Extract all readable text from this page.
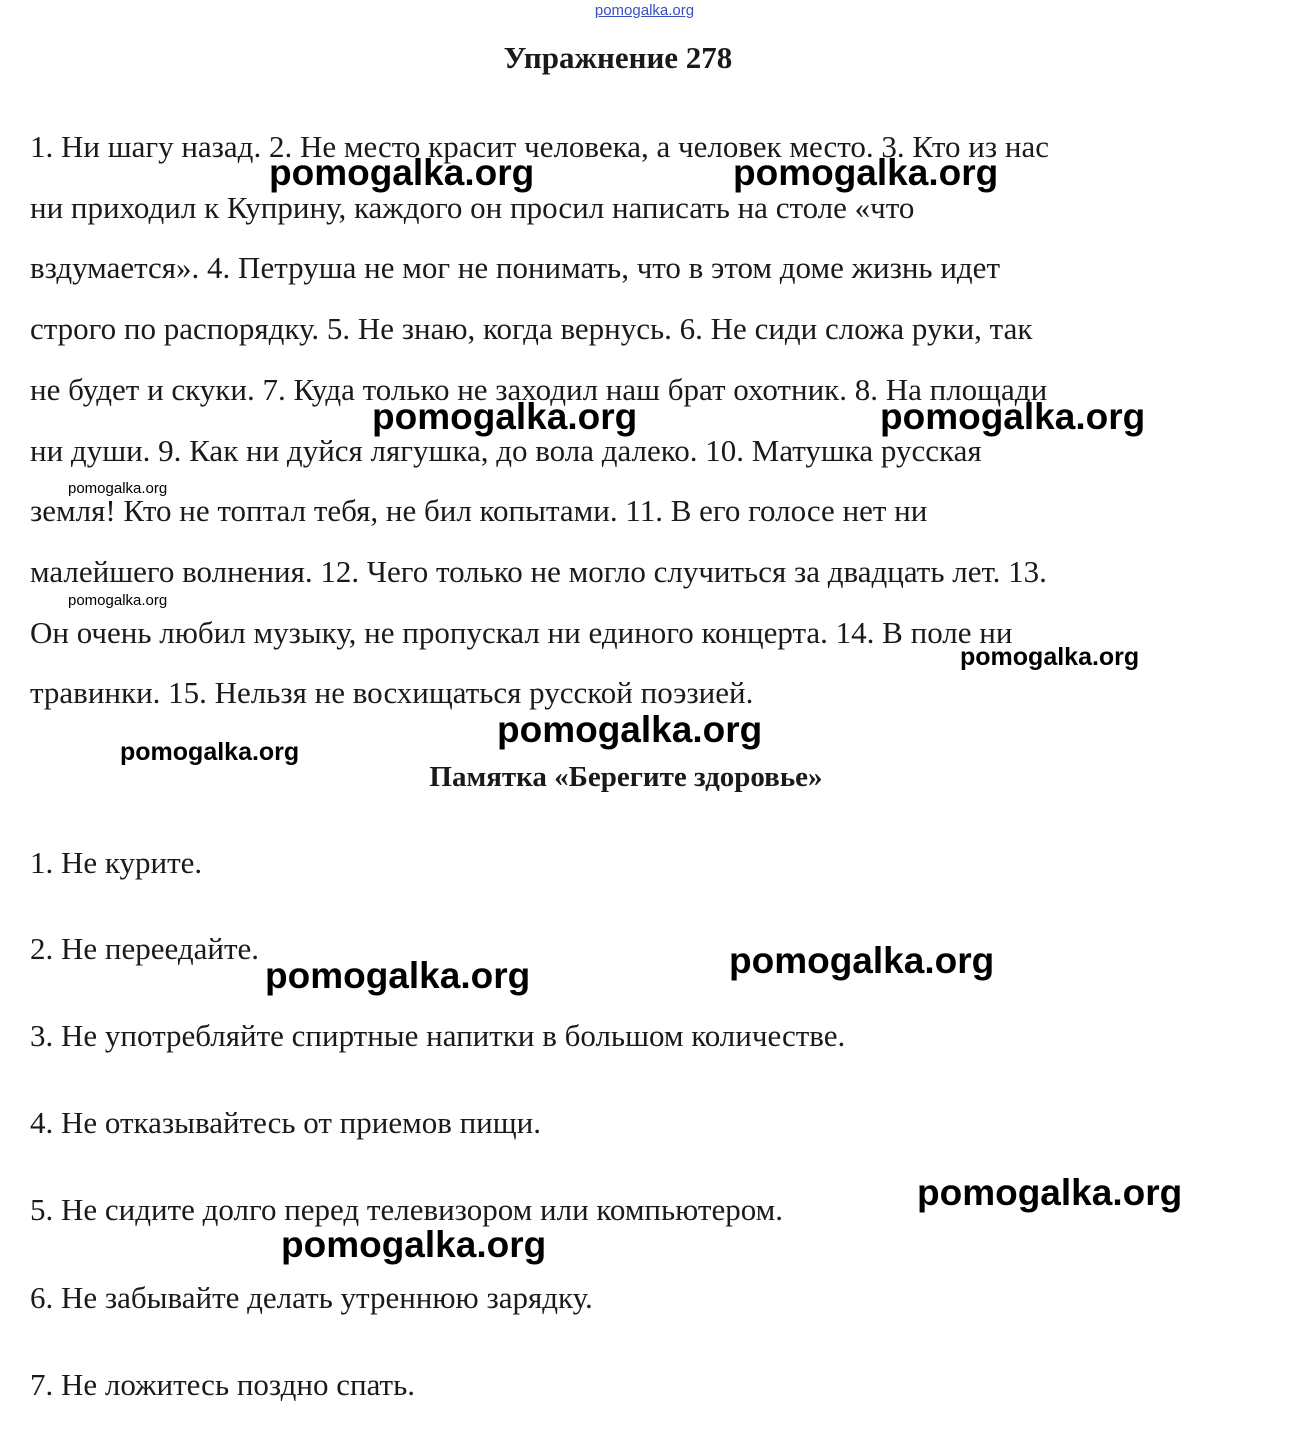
pomogalka.org
Упражнение 278

1. Ни шагу назад. 2. Не место красит человека, а человек место. 3. Кто из нас
ни приходил к Куприну, каждого он просил написать на столе «что
вздумается». 4. Петруша не мог не понимать, что в этом доме жизнь идет
строго по распорядку. 5. Не знаю, когда вернусь. 6. Не сиди сложа руки, так
не будет и скуки. 7. Куда только не заходил наш брат охотник. 8. На площади
ни души. 9. Как ни дуйся лягушка, до вола далеко. 10. Матушка русская
земля! Кто не топтал тебя, не бил копытами. 11. В его голосе нет ни
малейшего волнения. 12. Чего только не могло случиться за двадцать лет. 13.
Он очень любил музыку, не пропускал ни единого концерта. 14. В поле ни
травинки. 15. Нельзя не восхищаться русской поэзией.

Памятка «Берегите здоровье»
1. Не курите.
2. Не переедайте.
3. Не употребляйте спиртные напитки в большом количестве.
4. Не отказывайтесь от приемов пищи.
5. Не сидите долго перед телевизором или компьютером.
6. Не забывайте делать утреннюю зарядку.
7. Не ложитесь поздно спать.
pomogalka.org	pomogalka.org
pomogalka.org	pomogalka.org
pomogalka.org
pomogalka.org
pomogalka.org
pomogalka.org
pomogalka.org
pomogalka.org
pomogalka.org
pomogalka.org
pomogalka.org
